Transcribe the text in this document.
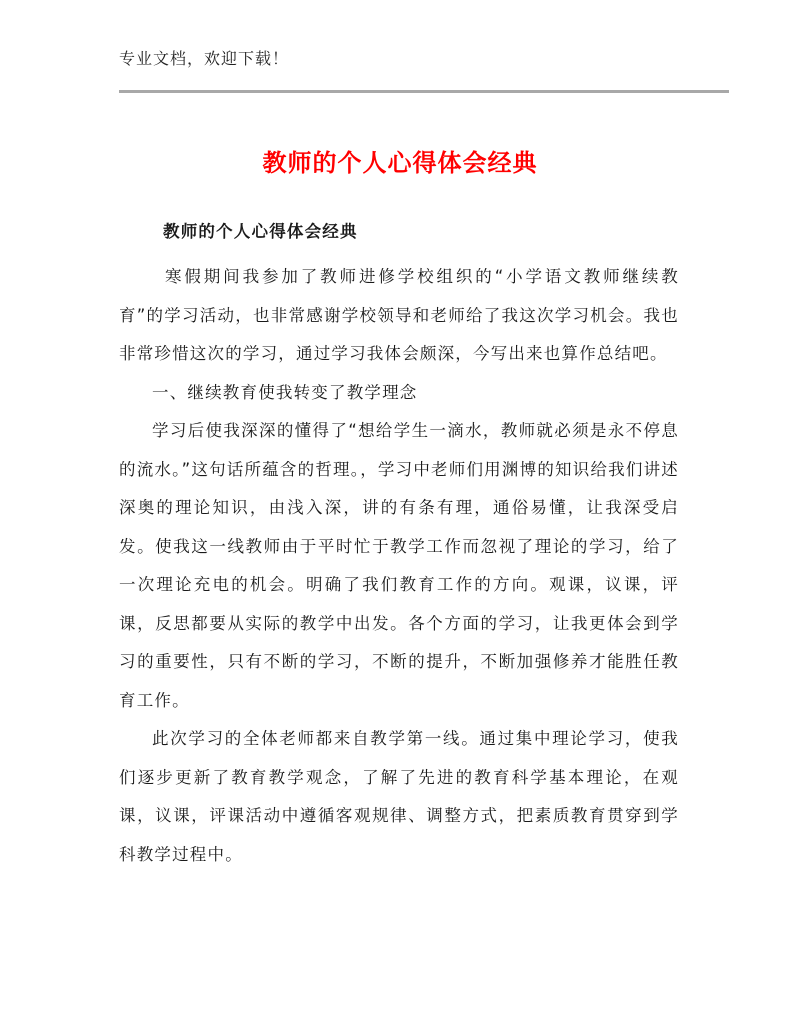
专业文档，欢迎下载！
教师的个人心得体会经典

教师的个人心得体会经典

寒假期间我参加了教师进修学校组织的“小学语文教师继续教育”的学习活动，也非常感谢学校领导和老师给了我这次学习机会。我也非常珍惜这次的学习，通过学习我体会颇深，今写出来也算作总结吧。

一、继续教育使我转变了教学理念

学习后使我深深的懂得了“想给学生一滴水，教师就必须是永不停息的流水。”这句话所蕴含的哲理。，学习中老师们用渊博的知识给我们讲述深奥的理论知识，由浅入深，讲的有条有理，通俗易懂，让我深受启发。使我这一线教师由于平时忙于教学工作而忽视了理论的学习，给了一次理论充电的机会。明确了我们教育工作的方向。观课，议课，评课，反思都要从实际的教学中出发。各个方面的学习，让我更体会到学习的重要性，只有不断的学习，不断的提升，不断加强修养才能胜任教育工作。

此次学习的全体老师都来自教学第一线。通过集中理论学习，使我们逐步更新了教育教学观念，了解了先进的教育科学基本理论，在观课，议课，评课活动中遵循客观规律、调整方式，把素质教育贯穿到学科教学过程中。
